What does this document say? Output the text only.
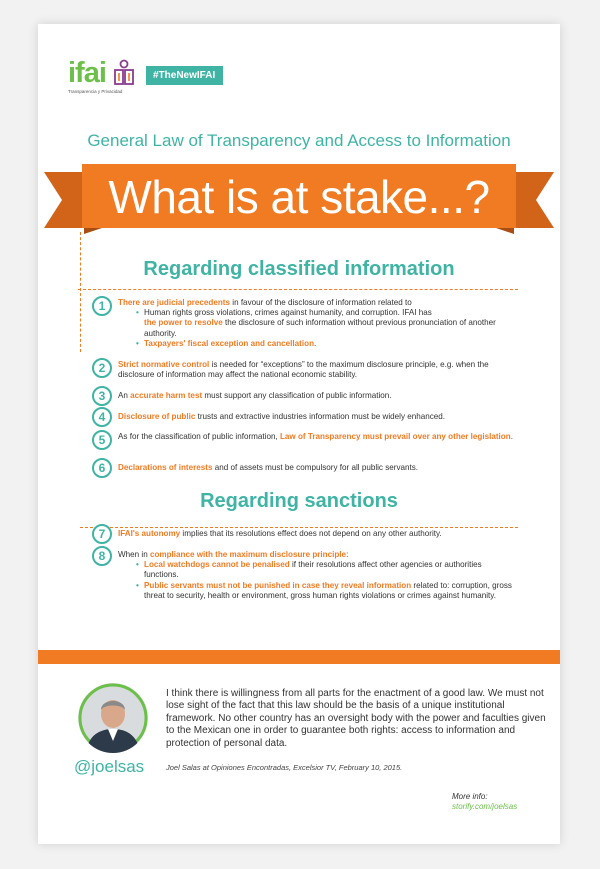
ifai
Transparencia y Privacidad
#TheNewIFAI
General Law of Transparency and Access to Information
What is at stake...?
Regarding classified information
1	There are judicial precedents in favour of the disclosure of information related to
• Human rights gross violations, crimes against humanity, and corruption. IFAI has
the power to resolve the disclosure of such information without previous pronunciation of another authority.
• Taxpayers' fiscal exception and cancellation.
2	Strict normative control is needed for “exceptions” to the maximum disclosure principle, e.g. when the disclosure of information may affect the national economic stability.
3	An accurate harm test must support any classification of public information.
4	Disclosure of public trusts and extractive industries information must be widely enhanced.
5	As for the classification of public information, Law of Transparency must prevail over any other legislation.
6	Declarations of interests and of assets must be compulsory for all public servants.
Regarding sanctions
7	IFAI's autonomy implies that its resolutions effect does not depend on any other authority.
8	When in compliance with the maximum disclosure principle:
• Local watchdogs cannot be penalised if their resolutions affect other agencies or authorities functions.
• Public servants must not be punished in case they reveal information related to: corruption, gross threat to security, health or environment, gross human rights violations or crimes against humanity.
@joelsas
I think there is willingness from all parts for the enactment of a good law. We must not lose sight of the fact that this law should be the basis of a unique institutional framework. No other country has an oversight body with the power and faculties given to the Mexican one in order to guarantee both rights: access to information and protection of personal data.
Joel Salas at Opiniones Encontradas, Excelsior TV, February 10, 2015.
More info:
storify.com/joelsas
